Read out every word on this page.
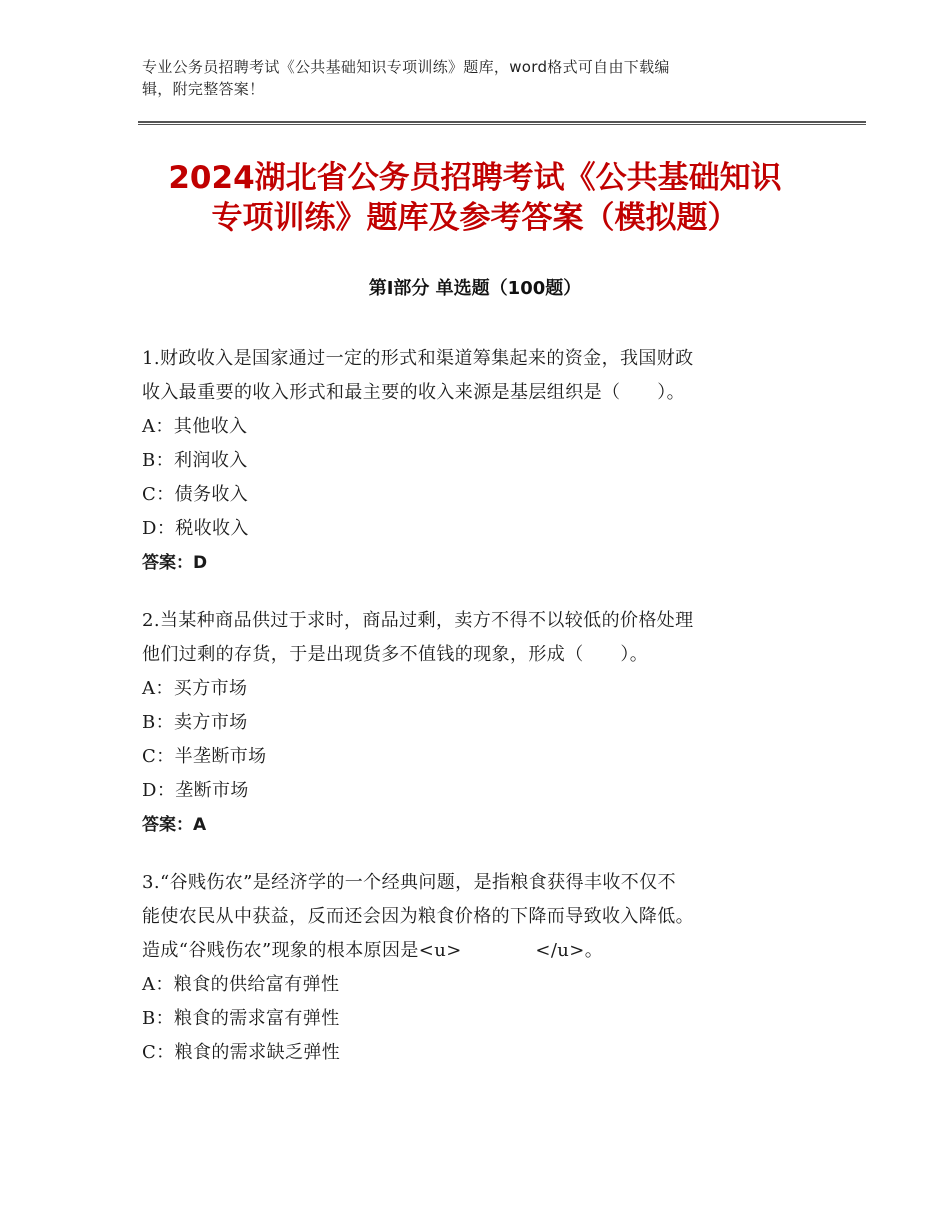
专业公务员招聘考试《公共基础知识专项训练》题库，word格式可自由下载编
辑，附完整答案！
2024湖北省公务员招聘考试《公共基础知识
专项训练》题库及参考答案（模拟题）
第Ⅰ部分 单选题（100题）
1.财政收入是国家通过一定的形式和渠道筹集起来的资金，我国财政
收入最重要的收入形式和最主要的收入来源是基层组织是（　　）。
A：其他收入
B：利润收入
C：债务收入
D：税收收入
答案：D
2.当某种商品供过于求时，商品过剩，卖方不得不以较低的价格处理
他们过剩的存货，于是出现货多不值钱的现象，形成（　　）。
A：买方市场
B：卖方市场
C：半垄断市场
D：垄断市场
答案：A
3.“谷贱伤农”是经济学的一个经典问题，是指粮食获得丰收不仅不
能使农民从中获益，反而还会因为粮食价格的下降而导致收入降低。
造成“谷贱伤农”现象的根本原因是<u>　　　　</u>。
A：粮食的供给富有弹性
B：粮食的需求富有弹性
C：粮食的需求缺乏弹性
